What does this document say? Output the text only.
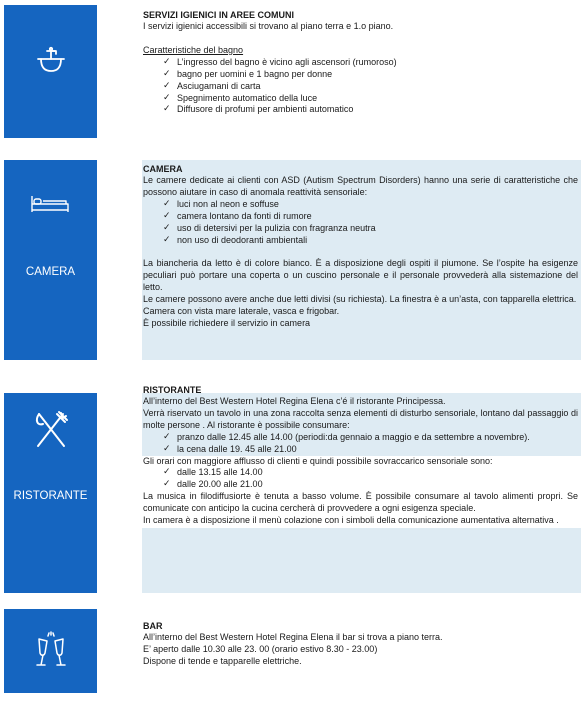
CAMERA
RISTORANTE

SERVIZI IGIENICI IN AREE COMUNI

I servizi igienici accessibili si trovano al piano terra e 1.o piano.

Caratteristiche del bagno

✓ L’ingresso del bagno è vicino agli ascensori (rumoroso)

✓ bagno per uomini e 1 bagno per donne

✓ Asciugamani di carta

✓ Spegnimento automatico della luce

✓ Diffusore di profumi per ambienti automatico

CAMERA

Le camere dedicate ai clienti con ASD (Autism Spectrum Disorders) hanno una serie di caratteristiche che possono aiutare in caso di anomala reattività sensoriale:

✓ luci non al neon e soffuse

✓ camera lontano da fonti di rumore

✓ uso di detersivi per la pulizia con fragranza neutra

✓ non uso di deodoranti ambientali

La biancheria da letto è di colore bianco. È a disposizione degli ospiti il piumone. Se l’ospite ha esigenze peculiari può portare una coperta o un cuscino personale e il personale provvederà alla sistemazione del letto.

Le camere possono avere anche due letti divisi (su richiesta). La finestra è a un’asta, con tapparella elettrica.

Camera con vista mare laterale, vasca e frigobar.

È possibile richiedere il servizio in camera

RISTORANTE

All’interno del Best Western Hotel Regina Elena c’é il ristorante Principessa.

Verrà riservato un tavolo in una zona raccolta senza elementi di disturbo sensoriale, lontano dal passaggio di molte persone . Al ristorante è possibile consumare:

✓ pranzo dalle 12.45 alle 14.00 (periodi:da gennaio a maggio e da settembre a novembre).

✓ la cena dalle 19. 45 alle 21.00

Gli orari con maggiore afflusso di clienti e quindi possibile sovraccarico sensoriale sono:

✓ dalle 13.15 alle 14.00

✓ dalle 20.00 alle 21.00

La musica in filodiffusiorte è tenuta a basso volume. È possibile consumare al tavolo alimenti propri. Se comunicate con anticipo la cucina cercherà di provvedere a ogni esigenza speciale.

In camera è a disposizione il menù colazione con i simboli della comunicazione aumentativa alternativa .

BAR

All’interno del Best Western Hotel Regina Elena il bar si trova a piano terra.

E’ aperto dalle 10.30 alle 23. 00 (orario estivo 8.30 - 23.00)

Dispone di tende e tapparelle elettriche.
